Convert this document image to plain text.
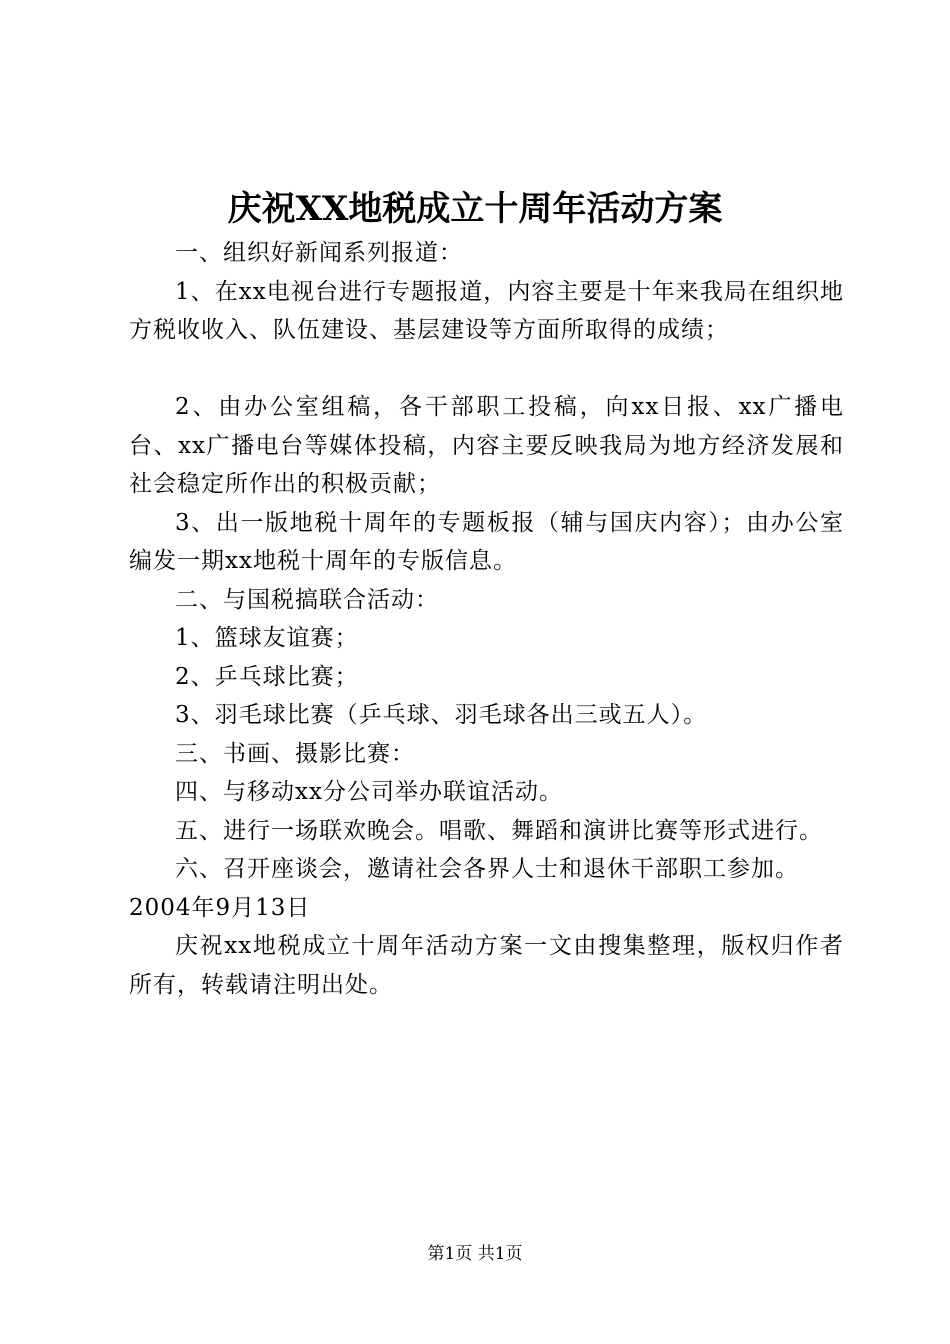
庆祝XX地税成立十周年活动方案

一、组织好新闻系列报道：

1、在xx电视台进行专题报道，内容主要是十年来我局在组织地方税收收入、队伍建设、基层建设等方面所取得的成绩；

2、由办公室组稿，各干部职工投稿，向xx日报、xx广播电台、xx广播电台等媒体投稿，内容主要反映我局为地方经济发展和社会稳定所作出的积极贡献；

3、出一版地税十周年的专题板报（辅与国庆内容）；由办公室编发一期xx地税十周年的专版信息。

二、与国税搞联合活动：

1、篮球友谊赛；

2、乒乓球比赛；

3、羽毛球比赛（乒乓球、羽毛球各出三或五人）。

三、书画、摄影比赛：

四、与移动xx分公司举办联谊活动。

五、进行一场联欢晚会。唱歌、舞蹈和演讲比赛等形式进行。

六、召开座谈会，邀请社会各界人士和退休干部职工参加。

2004年9月13日

庆祝xx地税成立十周年活动方案一文由搜集整理，版权归作者所有，转载请注明出处。

第1页 共1页
